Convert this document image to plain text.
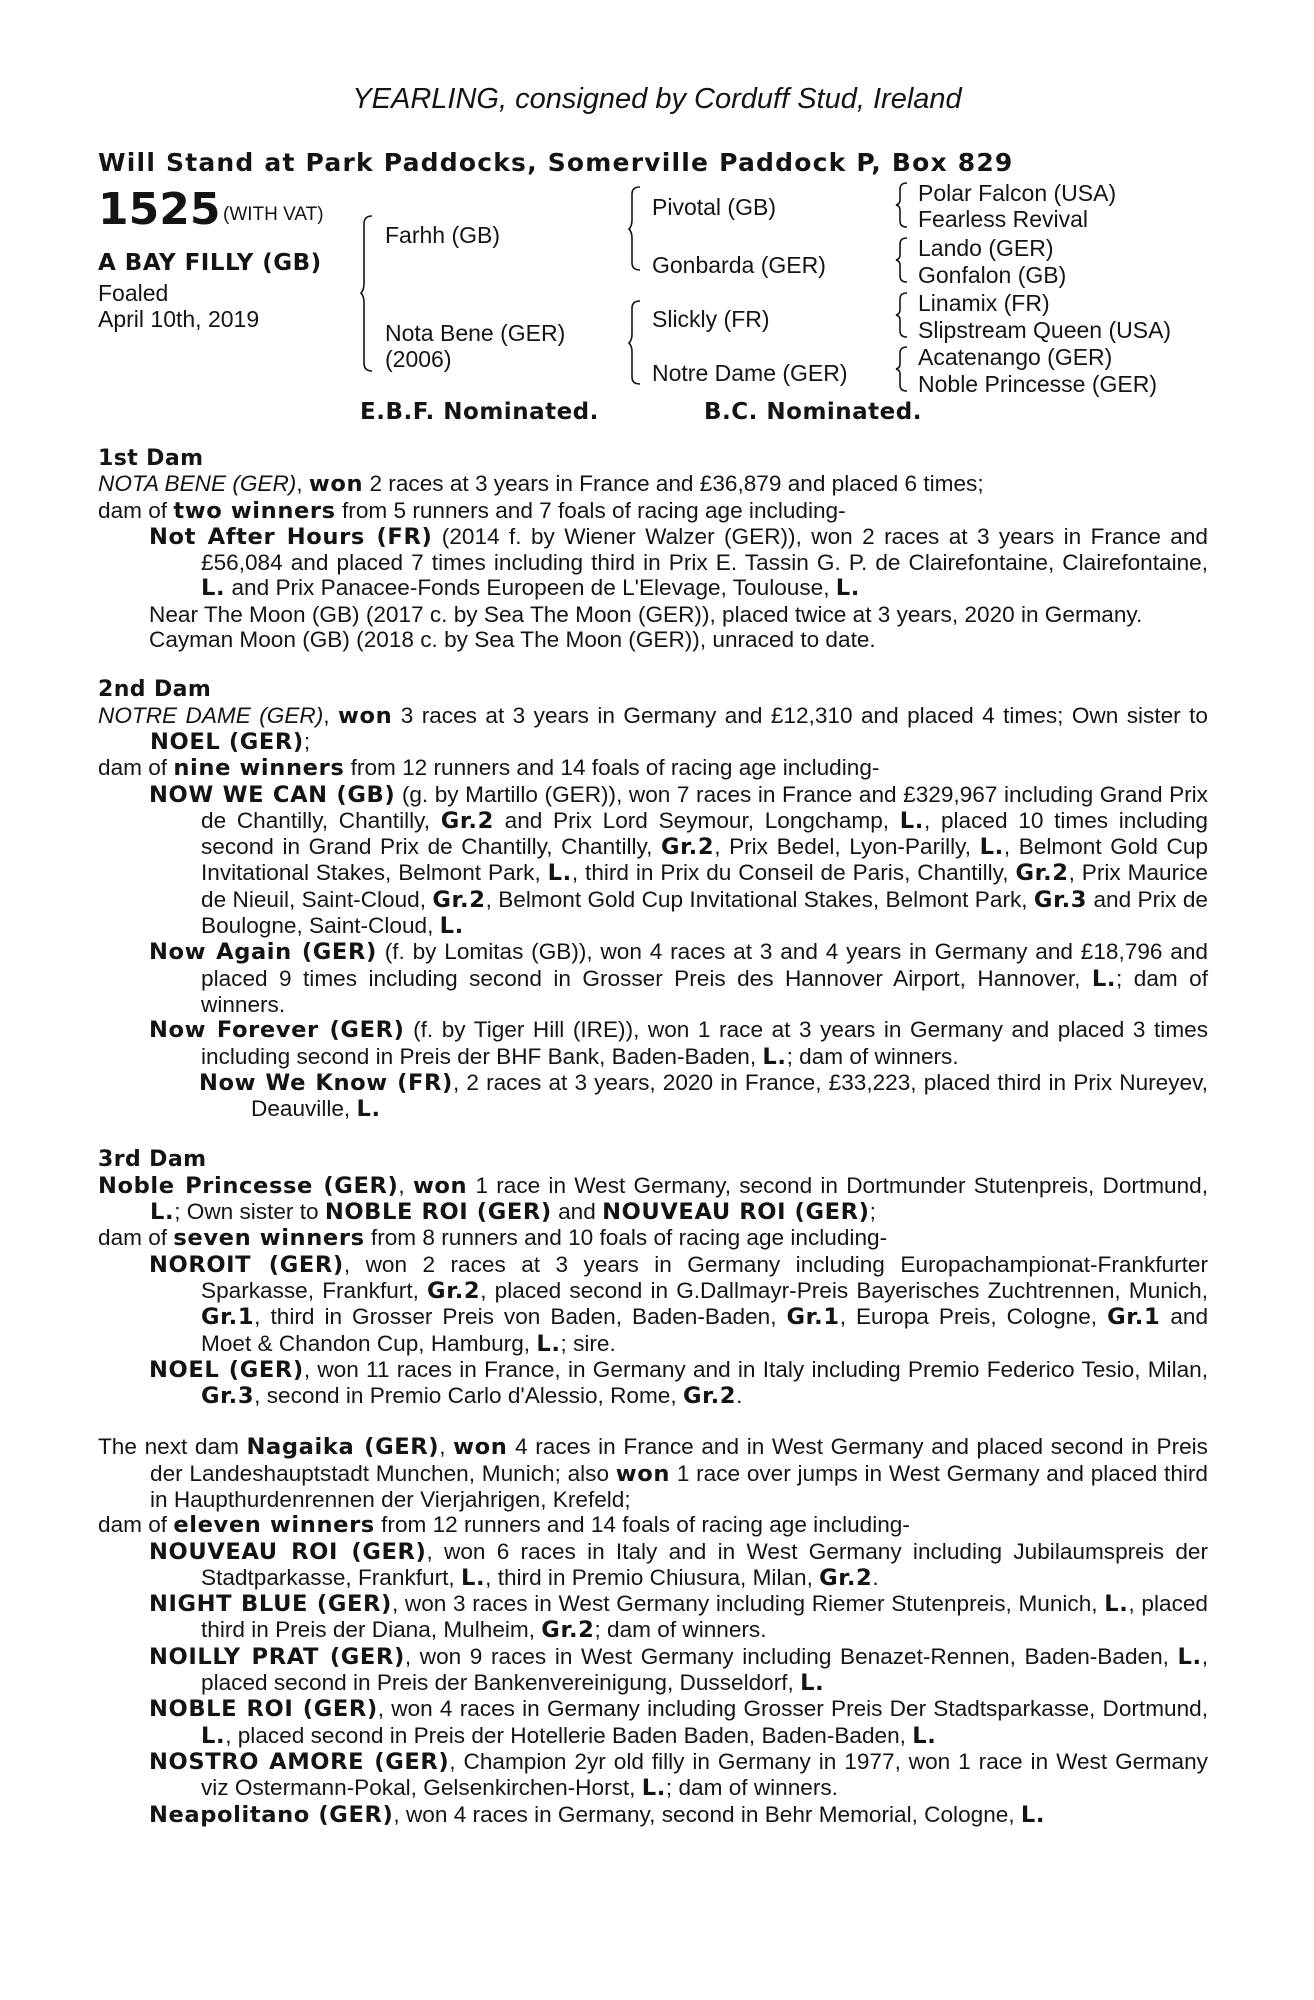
YEARLING, consigned by Corduff Stud, Ireland
Will Stand at Park Paddocks, Somerville Paddock P, Box 829
1525 (WITH VAT)
A BAY FILLY (GB)
Foaled
April 10th, 2019
Farhh (GB)
Nota Bene (GER)
(2006)
Pivotal (GB)
Gonbarda (GER)
Slickly (FR)
Notre Dame (GER)
Polar Falcon (USA)
Fearless Revival
Lando (GER)
Gonfalon (GB)
Linamix (FR)
Slipstream Queen (USA)
Acatenango (GER)
Noble Princesse (GER)
E.B.F. Nominated.	B.C. Nominated.
1st Dam

NOTA BENE (GER), won 2 races at 3 years in France and £36,879 and placed 6 times;

dam of two winners from 5 runners and 7 foals of racing age including-

Not After Hours (FR) (2014 f. by Wiener Walzer (GER)), won 2 races at 3 years in France and £56,084 and placed 7 times including third in Prix E. Tassin G. P. de Clairefontaine, Clairefontaine, L. and Prix Panacee-Fonds Europeen de L'Elevage, Toulouse, L.

Near The Moon (GB) (2017 c. by Sea The Moon (GER)), placed twice at 3 years, 2020 in Germany.

Cayman Moon (GB) (2018 c. by Sea The Moon (GER)), unraced to date.

2nd Dam

NOTRE DAME (GER), won 3 races at 3 years in Germany and £12,310 and placed 4 times; Own sister to NOEL (GER);

dam of nine winners from 12 runners and 14 foals of racing age including-

NOW WE CAN (GB) (g. by Martillo (GER)), won 7 races in France and £329,967 including Grand Prix de Chantilly, Chantilly, Gr.2 and Prix Lord Seymour, Longchamp, L., placed 10 times including second in Grand Prix de Chantilly, Chantilly, Gr.2, Prix Bedel, Lyon-Parilly, L., Belmont Gold Cup Invitational Stakes, Belmont Park, L., third in Prix du Conseil de Paris, Chantilly, Gr.2, Prix Maurice de Nieuil, Saint-Cloud, Gr.2, Belmont Gold Cup Invitational Stakes, Belmont Park, Gr.3 and Prix de Boulogne, Saint-Cloud, L.

Now Again (GER) (f. by Lomitas (GB)), won 4 races at 3 and 4 years in Germany and £18,796 and placed 9 times including second in Grosser Preis des Hannover Airport, Hannover, L.; dam of winners.

Now Forever (GER) (f. by Tiger Hill (IRE)), won 1 race at 3 years in Germany and placed 3 times including second in Preis der BHF Bank, Baden-Baden, L.; dam of winners.

Now We Know (FR), 2 races at 3 years, 2020 in France, £33,223, placed third in Prix Nureyev, Deauville, L.

3rd Dam

Noble Princesse (GER), won 1 race in West Germany, second in Dortmunder Stutenpreis, Dortmund, L.; Own sister to NOBLE ROI (GER) and NOUVEAU ROI (GER);

dam of seven winners from 8 runners and 10 foals of racing age including-

NOROIT (GER), won 2 races at 3 years in Germany including Europachampionat-Frankfurter Sparkasse, Frankfurt, Gr.2, placed second in G.Dallmayr-Preis Bayerisches Zuchtrennen, Munich, Gr.1, third in Grosser Preis von Baden, Baden-Baden, Gr.1, Europa Preis, Cologne, Gr.1 and Moet & Chandon Cup, Hamburg, L.; sire.

NOEL (GER), won 11 races in France, in Germany and in Italy including Premio Federico Tesio, Milan, Gr.3, second in Premio Carlo d'Alessio, Rome, Gr.2.

The next dam Nagaika (GER), won 4 races in France and in West Germany and placed second in Preis der Landeshauptstadt Munchen, Munich; also won 1 race over jumps in West Germany and placed third in Haupthurdenrennen der Vierjahrigen, Krefeld;

dam of eleven winners from 12 runners and 14 foals of racing age including-

NOUVEAU ROI (GER), won 6 races in Italy and in West Germany including Jubilaumspreis der Stadtparkasse, Frankfurt, L., third in Premio Chiusura, Milan, Gr.2.

NIGHT BLUE (GER), won 3 races in West Germany including Riemer Stutenpreis, Munich, L., placed third in Preis der Diana, Mulheim, Gr.2; dam of winners.

NOILLY PRAT (GER), won 9 races in West Germany including Benazet-Rennen, Baden-Baden, L., placed second in Preis der Bankenvereinigung, Dusseldorf, L.

NOBLE ROI (GER), won 4 races in Germany including Grosser Preis Der Stadtsparkasse, Dortmund, L., placed second in Preis der Hotellerie Baden Baden, Baden-Baden, L.

NOSTRO AMORE (GER), Champion 2yr old filly in Germany in 1977, won 1 race in West Germany viz Ostermann-Pokal, Gelsenkirchen-Horst, L.; dam of winners.

Neapolitano (GER), won 4 races in Germany, second in Behr Memorial, Cologne, L.
